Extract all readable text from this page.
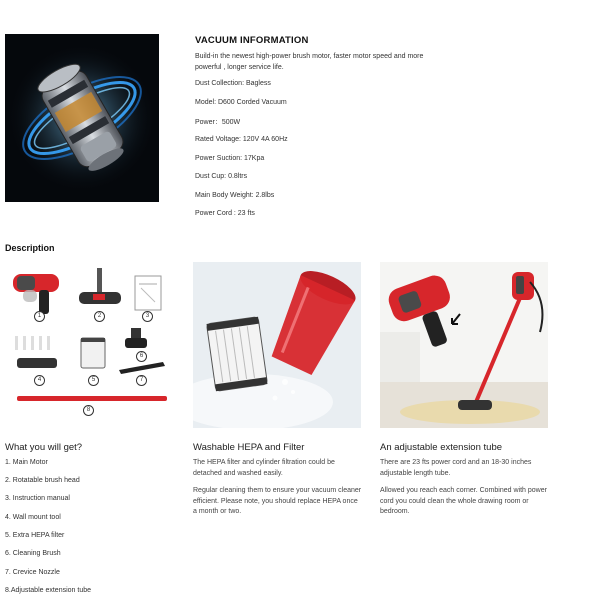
VACUUM INFORMATION
Build-in the newest high-power brush motor, faster motor speed and more powerful , longer service life.
Dust Collection: Bagless
Model: D600 Corded Vacuum
Power：500W
Rated Voltage: 120V 4A 60Hz
Power Suction: 17Kpa
Dust Cup: 0.8ltrs
Main Body Weight: 2.8lbs
Power Cord : 23 fts
Description
1	2	3
4	5
6
7
8
What you will get?
1. Main Motor
2. Rotatable brush head
3. Instruction manual
4. Wall mount tool
5. Extra HEPA filter
6. Cleaning Brush
7. Crevice Nozzle
8.Adjustable extension tube
Washable HEPA and Filter
The HEPA filter and cylinder filtration could be detached and washed easily.
Regular cleaning them to ensure your vacuum cleaner efficient. Please note, you should replace HEPA once a month or two.
An adjustable extension tube
There are 23 fts power cord and an 18-30 inches adjustable length tube.
Allowed you reach each corner. Combined with power cord you could clean the whole drawing room or bedroom.
